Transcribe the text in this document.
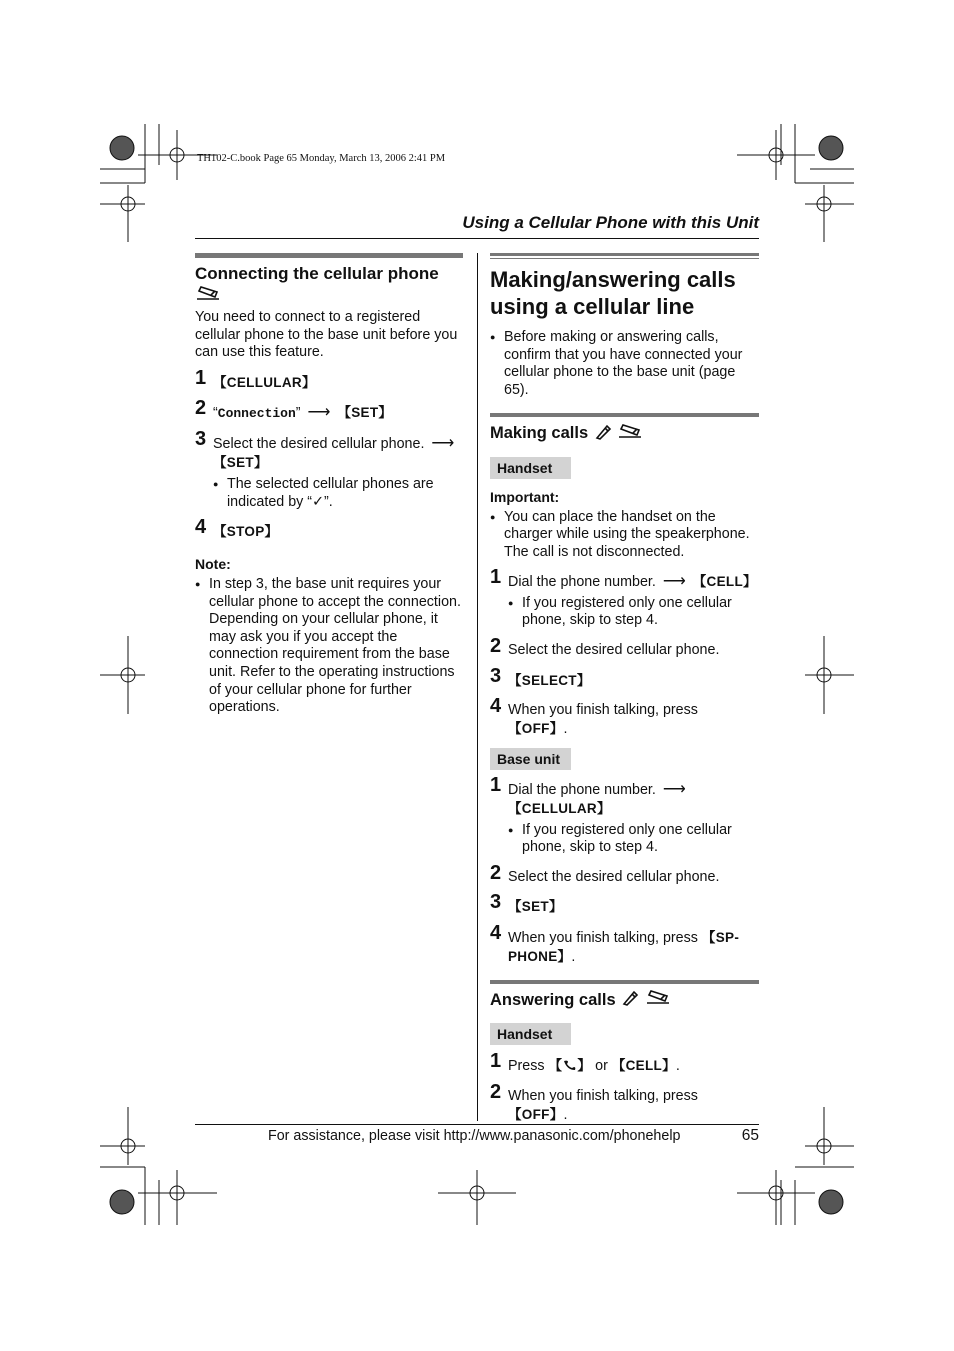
TH102-C.book Page 65 Monday, March 13, 2006 2:41 PM
Using a Cellular Phone with this Unit
Connecting the cellular phone
You need to connect to a registered cellular phone to the base unit before you can use this feature.
1 【CELLULAR】
2 “Connection” ⟶ 【SET】
3 Select the desired cellular phone. ⟶
【SET】
● The selected cellular phones are indicated by “✓”.
4 【STOP】
Note:
● In step 3, the base unit requires your cellular phone to accept the connection. Depending on your cellular phone, it may ask you if you accept the connection requirement from the base unit. Refer to the operating instructions of your cellular phone for further operations.
Making/answering calls using a cellular line
● Before making or answering calls, confirm that you have connected your cellular phone to the base unit (page 65).
Making calls
Handset
Important:
● You can place the handset on the charger while using the speakerphone. The call is not disconnected.
1 Dial the phone number. ⟶ 【CELL】
● If you registered only one cellular phone, skip to step 4.
2 Select the desired cellular phone.
3 【SELECT】
4 When you finish talking, press 【OFF】.
Base unit
1 Dial the phone number. ⟶
【CELLULAR】
● If you registered only one cellular phone, skip to step 4.
2 Select the desired cellular phone.
3 【SET】
4 When you finish talking, press 【SP-PHONE】.
Answering calls
Handset
1 Press 【 】 or 【CELL】.
2 When you finish talking, press 【OFF】.
For assistance, please visit http://www.panasonic.com/phonehelp	65
